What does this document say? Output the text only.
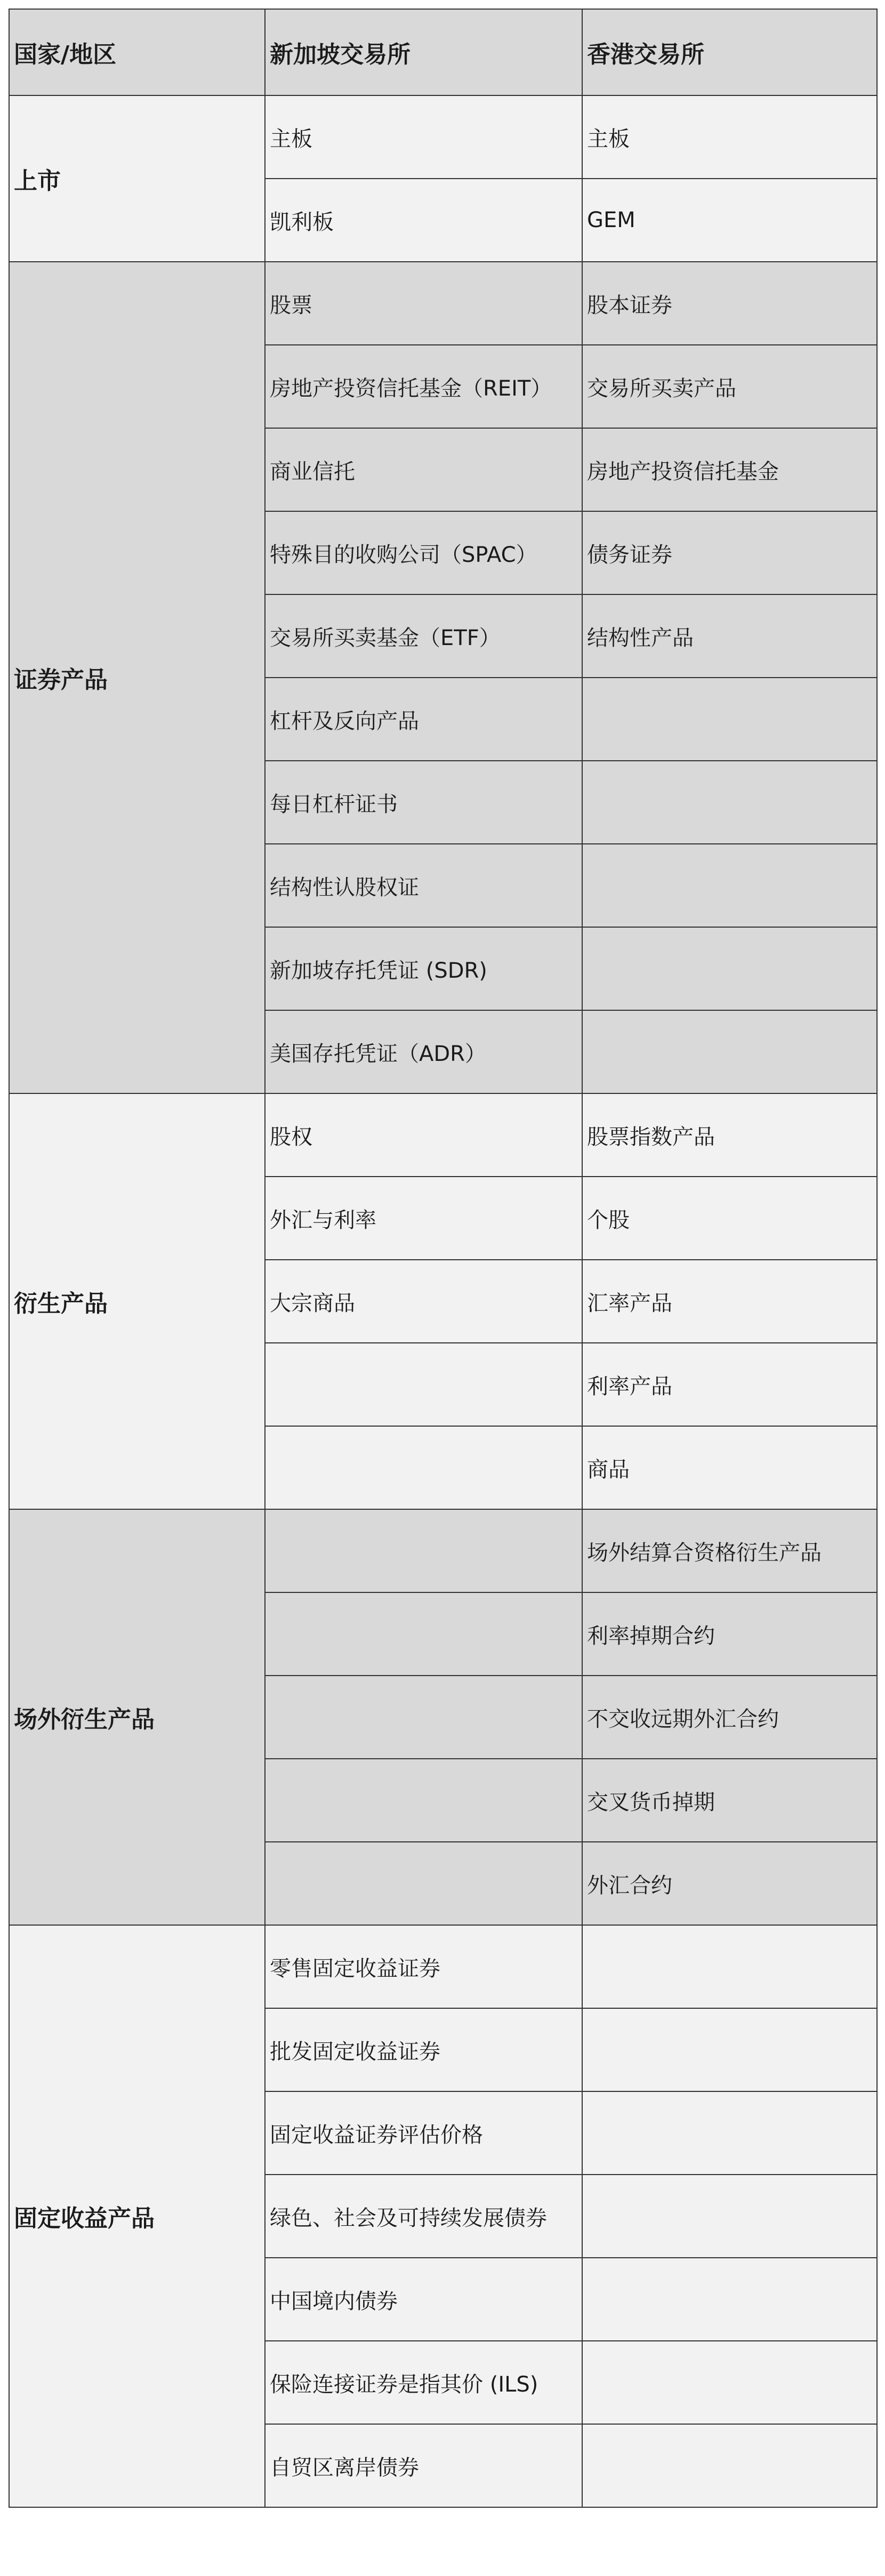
国家/地区	新加坡交易所	香港交易所
上市	主板	主板
	凯利板	GEM
证券产品	股票	股本证券
	房地产投资信托基金（REIT）	交易所买卖产品
	商业信托	房地产投资信托基金
	特殊目的收购公司（SPAC）	债务证券
	交易所买卖基金（ETF）	结构性产品
	杠杆及反向产品	
	每日杠杆证书	
	结构性认股权证	
	新加坡存托凭证 (SDR)	
	美国存托凭证（ADR）	
衍生产品	股权	股票指数产品
	外汇与利率	个股
	大宗商品	汇率产品
		利率产品
		商品
场外衍生产品		场外结算合资格衍生产品
		利率掉期合约
		不交收远期外汇合约
		交叉货币掉期
		外汇合约
固定收益产品	零售固定收益证券	
	批发固定收益证券	
	固定收益证券评估价格	
	绿色、社会及可持续发展债券	
	中国境内债券	
	保险连接证券是指其价 (ILS)	
	自贸区离岸债券	
